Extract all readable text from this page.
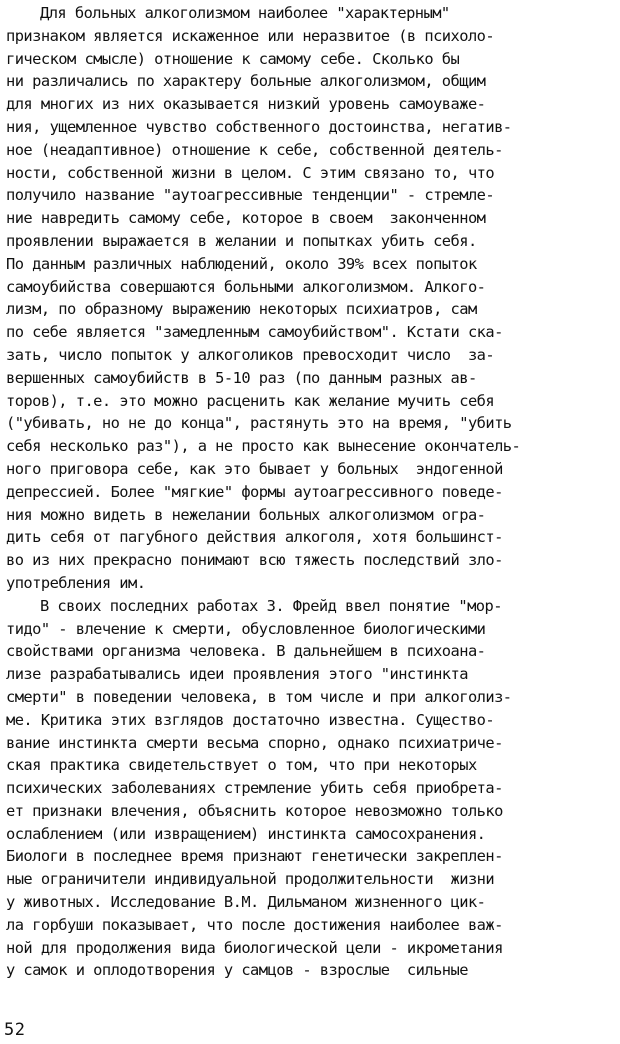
Для больных алкоголизмом наиболее "характерным"
признаком является искаженное или неразвитое (в психоло-
гическом смысле) отношение к самому себе. Сколько бы
ни различались по характеру больные алкоголизмом, общим
для многих из них оказывается низкий уровень самоуваже-
ния, ущемленное чувство собственного достоинства, негатив-
ное (неадаптивное) отношение к себе, собственной деятель-
ности, собственной жизни в целом. С этим связано то, что
получило название "аутоагрессивные тенденции" - стремле-
ние навредить самому себе, которое в своем  законченном
проявлении выражается в желании и попытках убить себя.
По данным различных наблюдений, около 39% всех попыток
самоубийства совершаются больными алкоголизмом. Алкого-
лизм, по образному выражению некоторых психиатров, сам
по себе является "замедленным самоубийством". Кстати ска-
зать, число попыток у алкоголиков превосходит число  за-
вершенных самоубийств в 5-10 раз (по данным разных ав-
торов), т.е. это можно расценить как желание мучить себя
("убивать, но не до конца", растянуть это на время, "убить
себя несколько раз"), а не просто как вынесение окончатель-
ного приговора себе, как это бывает у больных  эндогенной
депрессией. Более "мягкие" формы аутоагрессивного поведе-
ния можно видеть в нежелании больных алкоголизмом огра-
дить себя от пагубного действия алкоголя, хотя большинст-
во из них прекрасно понимают всю тяжесть последствий зло-
употребления им.
В своих последних работах З. Фрейд ввел понятие "мор-
тидо" - влечение к смерти, обусловленное биологическими
свойствами организма человека. В дальнейшем в психоана-
лизе разрабатывались идеи проявления этого "инстинкта
смерти" в поведении человека, в том числе и при алкоголиз-
ме. Критика этих взглядов достаточно известна. Существо-
вание инстинкта смерти весьма спорно, однако психиатриче-
ская практика свидетельствует о том, что при некоторых
психических заболеваниях стремление убить себя приобрета-
ет признаки влечения, объяснить которое невозможно только
ослаблением (или извращением) инстинкта самосохранения.
Биологи в последнее время признают генетически закреплен-
ные ограничители индивидуальной продолжительности  жизни
у животных. Исследование В.М. Дильманом жизненного цик-
ла горбуши показывает, что после достижения наиболее важ-
ной для продолжения вида биологической цели - икрометания
у самок и оплодотворения у самцов - взрослые  сильные
52
